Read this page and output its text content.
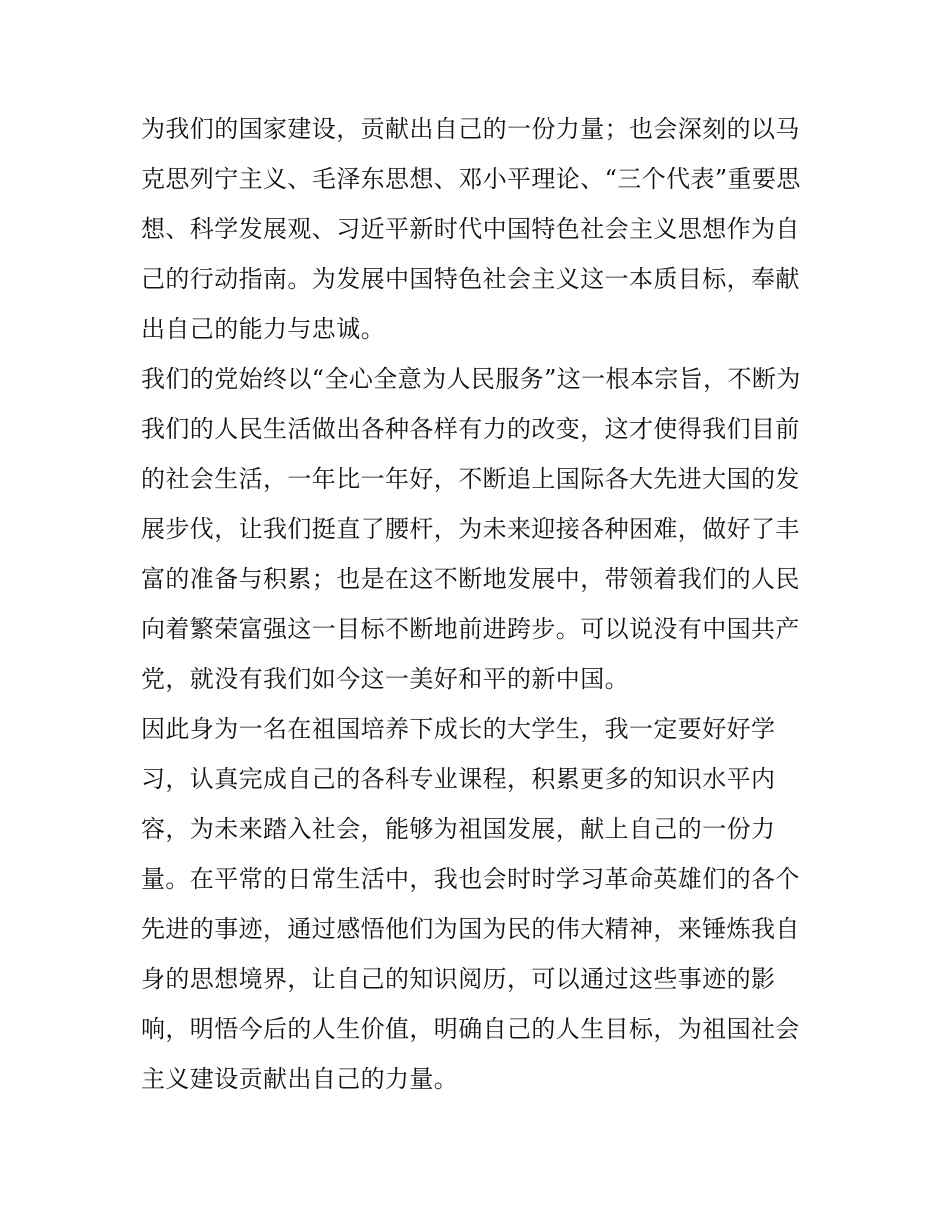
为我们的国家建设，贡献出自己的一份力量；也会深刻的以马
克思列宁主义、毛泽东思想、邓小平理论、“三个代表”重要思
想、科学发展观、习近平新时代中国特色社会主义思想作为自
己的行动指南。为发展中国特色社会主义这一本质目标，奉献
出自己的能力与忠诚。
我们的党始终以“全心全意为人民服务”这一根本宗旨，不断为
我们的人民生活做出各种各样有力的改变，这才使得我们目前
的社会生活，一年比一年好，不断追上国际各大先进大国的发
展步伐，让我们挺直了腰杆，为未来迎接各种困难，做好了丰
富的准备与积累；也是在这不断地发展中，带领着我们的人民
向着繁荣富强这一目标不断地前进跨步。可以说没有中国共产
党，就没有我们如今这一美好和平的新中国。
因此身为一名在祖国培养下成长的大学生，我一定要好好学
习，认真完成自己的各科专业课程，积累更多的知识水平内
容，为未来踏入社会，能够为祖国发展，献上自己的一份力
量。在平常的日常生活中，我也会时时学习革命英雄们的各个
先进的事迹，通过感悟他们为国为民的伟大精神，来锤炼我自
身的思想境界，让自己的知识阅历，可以通过这些事迹的影
响，明悟今后的人生价值，明确自己的人生目标，为祖国社会
主义建设贡献出自己的力量。
